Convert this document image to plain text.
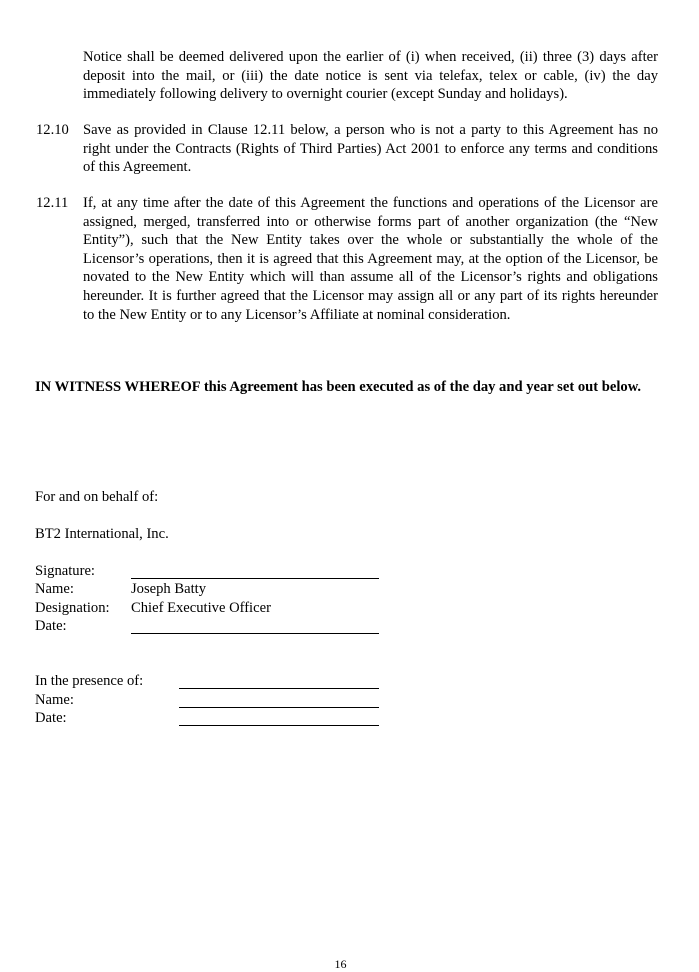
Notice shall be deemed delivered upon the earlier of (i) when received, (ii) three (3) days after deposit into the mail, or (iii) the date notice is sent via telefax, telex or cable, (iv) the day immediately following delivery to overnight courier (except Sunday and holidays).
12.10 Save as provided in Clause 12.11 below, a person who is not a party to this Agreement has no right under the Contracts (Rights of Third Parties) Act 2001 to enforce any terms and conditions of this Agreement.
12.11 If, at any time after the date of this Agreement the functions and operations of the Licensor are assigned, merged, transferred into or otherwise forms part of another organization (the “New Entity”), such that the New Entity takes over the whole or substantially the whole of the Licensor’s operations, then it is agreed that this Agreement may, at the option of the Licensor, be novated to the New Entity which will than assume all of the Licensor’s rights and obligations hereunder. It is further agreed that the Licensor may assign all or any part of its rights hereunder to the New Entity or to any Licensor’s Affiliate at nominal consideration.
IN WITNESS WHEREOF this Agreement has been executed as of the day and year set out below.
For and on behalf of:
BT2 International, Inc.
Signature:
Name:	Joseph Batty
Designation: Chief Executive Officer
Date:
In the presence of:
Name:
Date:
16
